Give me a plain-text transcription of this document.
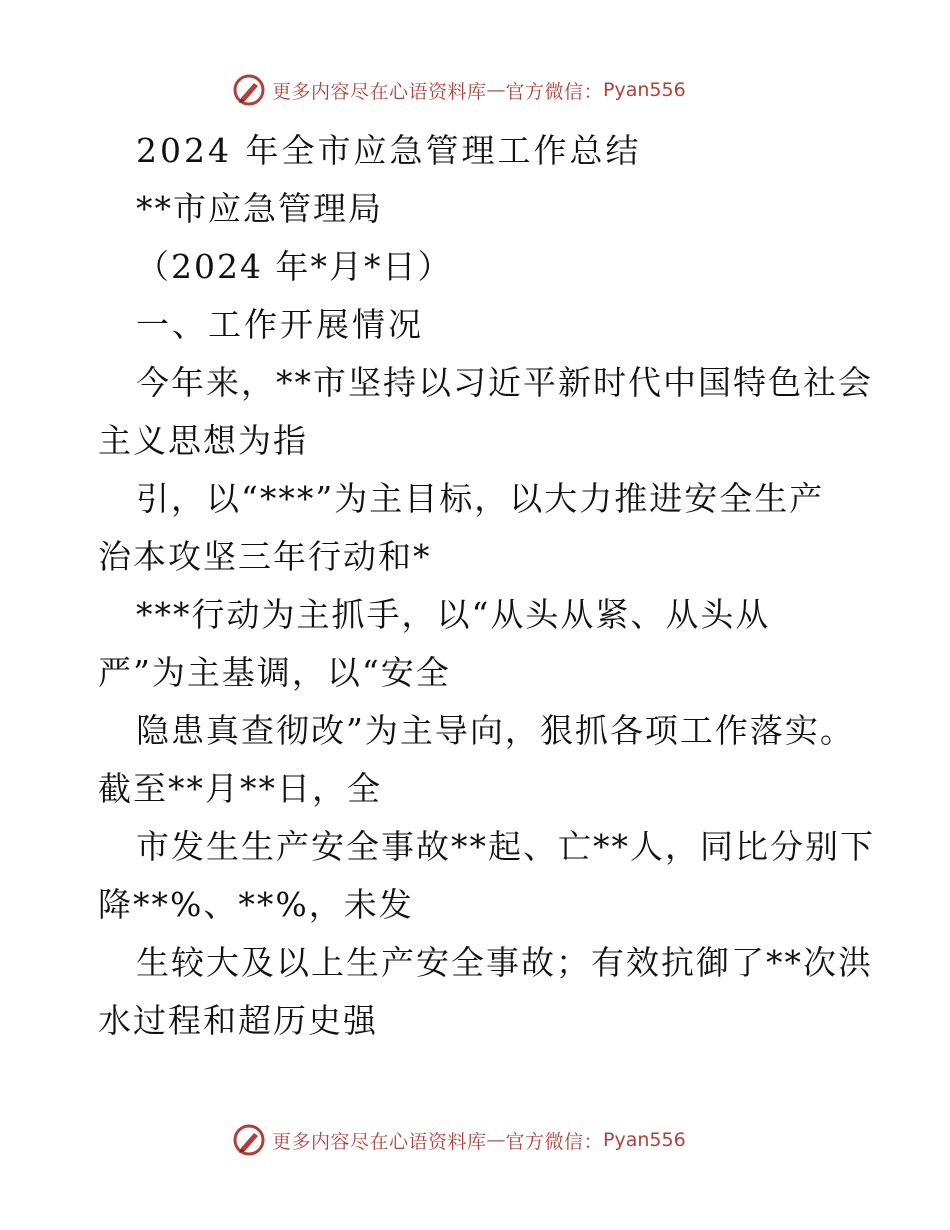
更多内容尽在心语资料库 — 官方微信： Pyan556
2024 年全市应急管理工作总结
**市应急管理局
（2024 年*月*日）
一、工作开展情况
今年来，**市坚持以习近平新时代中国特色社会
主义思想为指
引，以“***”为主目标，以大力推进安全生产
治本攻坚三年行动和*
***行动为主抓手，以“从头从紧、从头从
严”为主基调，以“安全
隐患真查彻改”为主导向，狠抓各项工作落实。
截至**月**日，全
市发生生产安全事故**起、亡**人，同比分别下
降**%、**%，未发
生较大及以上生产安全事故；有效抗御了**次洪
水过程和超历史强
更多内容尽在心语资料库 — 官方微信： Pyan556
